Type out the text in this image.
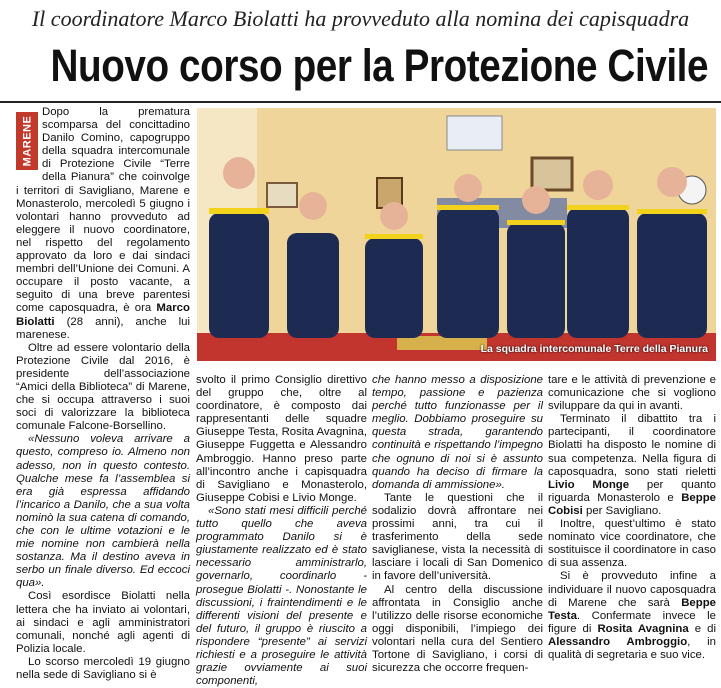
Il coordinatore Marco Biolatti ha provveduto alla nomina dei capisquadra
Nuovo corso per la Protezione Civile
MARENE

Dopo la prematura scomparsa del concittadino Danilo Comino, capogruppo della squadra intercomunale di Protezione Civile “Terre della Pianura” che coinvolge i territori di Savigliano, Marene e Monasterolo, mercoledì 5 giugno i volontari hanno provveduto ad eleggere il nuovo coordinatore, nel rispetto del regolamento approvato da loro e dai sindaci membri dell’Unione dei Comuni. A occupare il posto vacante, a seguito di una breve parentesi come caposquadra, è ora Marco Biolatti (28 anni), anche lui marenese.

Oltre ad essere volontario della Protezione Civile dal 2016, è presidente dell’associazione “Amici della Biblioteca” di Marene, che si occupa attraverso i suoi soci di valorizzare la biblioteca comunale Falcone-Borsellino.

«Nessuno voleva arrivare a questo, compreso io. Almeno non adesso, non in questo contesto. Qualche mese fa l’assemblea si era già espressa affidando l’incarico a Danilo, che a sua volta nominò la sua catena di comando, che con le ultime votazioni e le mie nomine non cambierà nella sostanza. Ma il destino aveva in serbo un finale diverso. Ed eccoci qua».

Così esordisce Biolatti nella lettera che ha inviato ai volontari, ai sindaci e agli amministratori comunali, nonché agli agenti di Polizia locale.

Lo scorso mercoledì 19 giugno nella sede di Savigliano si è

La squadra intercomunale Terre della Pianura

svolto il primo Consiglio direttivo del gruppo che, oltre al coordinatore, è composto dai rappresentanti delle squadre Giuseppe Testa, Rosita Avagnina, Giuseppe Fuggetta e Alessandro Ambroggio. Hanno preso parte all’incontro anche i capisquadra di Savigliano e Monasterolo, Giuseppe Cobisi e Livio Monge.

«Sono stati mesi difficili perché tutto quello che aveva programmato Danilo si è giustamente realizzato ed è stato necessario amministrarlo, governarlo, coordinarlo - prosegue Biolatti -. Nonostante le discussioni, i fraintendimenti e le differenti visioni del presente e del futuro, il gruppo è riuscito a rispondere “presente” ai servizi richiesti e a proseguire le attività grazie ovviamente ai suoi componenti,

che hanno messo a disposizione tempo, passione e pazienza perché tutto funzionasse per il meglio. Dobbiamo proseguire su questa strada, garantendo continuità e rispettando l’impegno che ognuno di noi si è assunto quando ha deciso di firmare la domanda di ammissione».

Tante le questioni che il sodalizio dovrà affrontare nei prossimi anni, tra cui il trasferimento della sede saviglianese, vista la necessità di lasciare i locali di San Domenico in favore dell’università.

Al centro della discussione affrontata in Consiglio anche l’utilizzo delle risorse economiche oggi disponibili, l’impiego dei volontari nella cura del Sentiero Tortone di Savigliano, i corsi di sicurezza che occorre frequen-

tare e le attività di prevenzione e comunicazione che si vogliono sviluppare da qui in avanti.

Terminato il dibattito tra i partecipanti, il coordinatore Biolatti ha disposto le nomine di sua competenza. Nella figura di caposquadra, sono stati rieletti Livio Monge per quanto riguarda Monasterolo e Beppe Cobisi per Savigliano.

Inoltre, quest’ultimo è stato nominato vice coordinatore, che sostituisce il coordinatore in caso di sua assenza.

Si è provveduto infine a individuare il nuovo caposquadra di Marene che sarà Beppe Testa. Confermate invece le figure di Rosita Avagnina e di Alessandro Ambroggio, in qualità di segretaria e suo vice.
